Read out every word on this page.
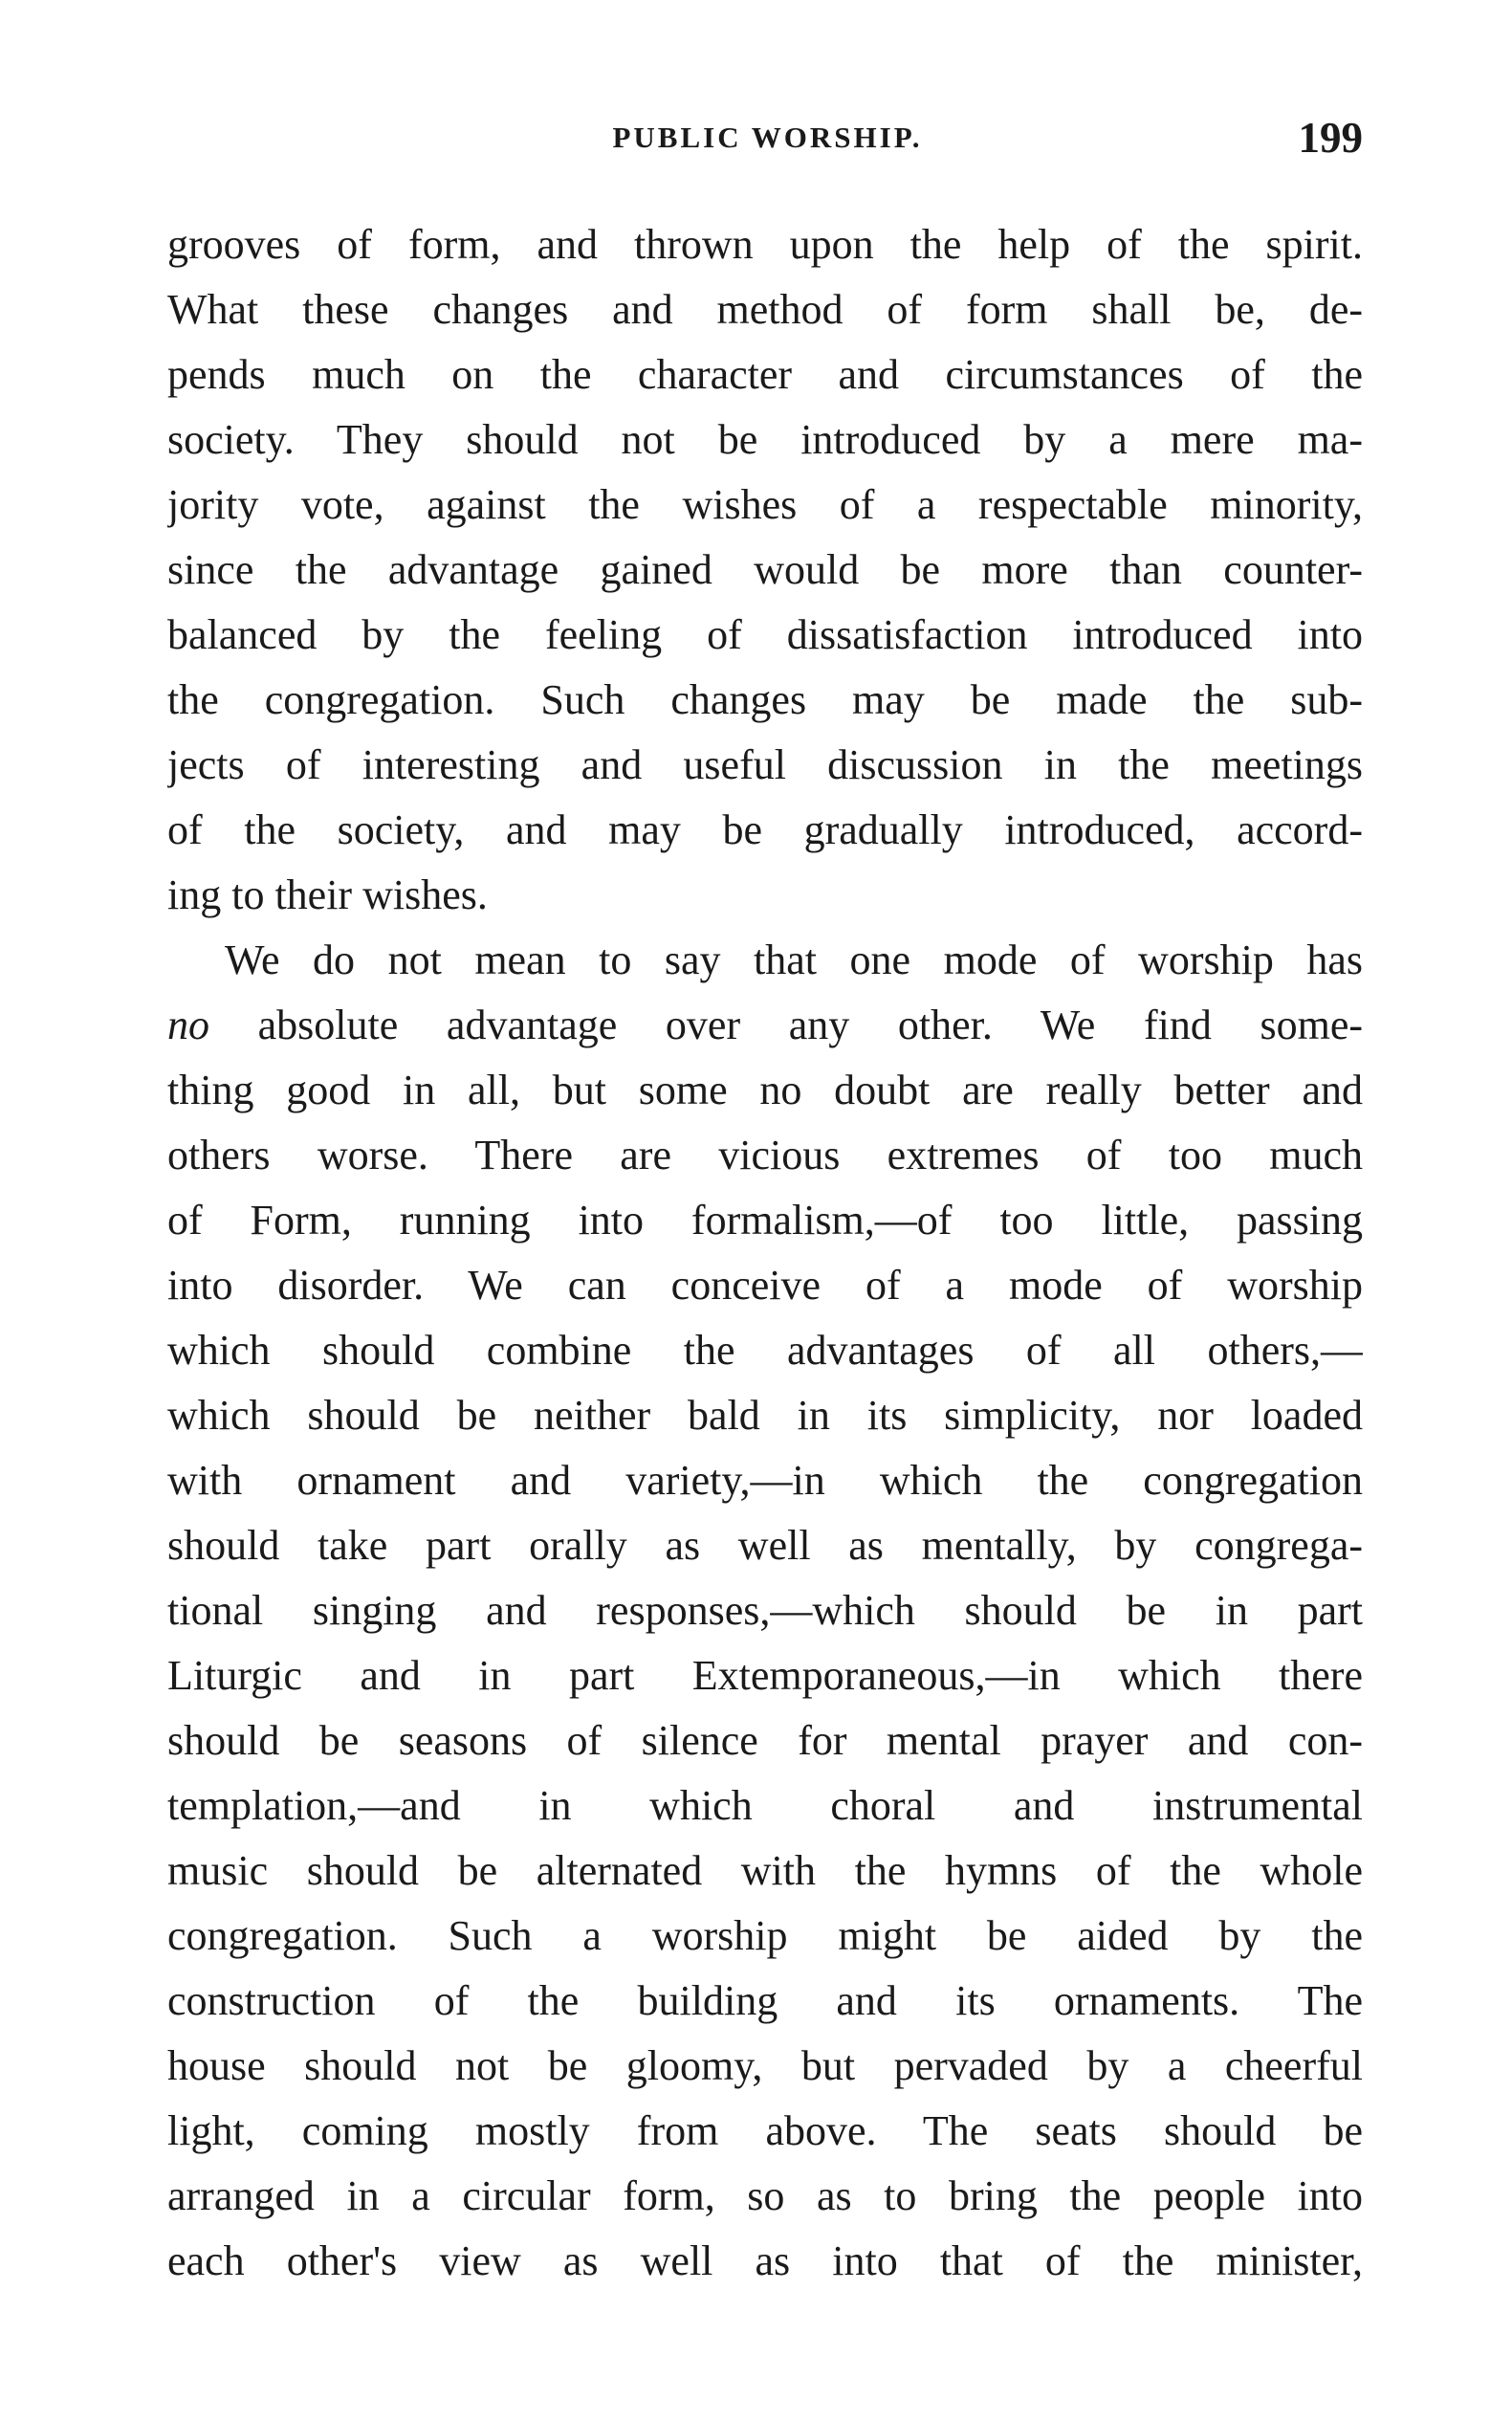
PUBLIC WORSHIP.	199
grooves of form, and thrown upon the help of the spirit.
What these changes and method of form shall be, de-
pends much on the character and circumstances of the
society. They should not be introduced by a mere ma-
jority vote, against the wishes of a respectable minority,
since the advantage gained would be more than counter-
balanced by the feeling of dissatisfaction introduced into
the congregation. Such changes may be made the sub-
jects of interesting and useful discussion in the meetings
of the society, and may be gradually introduced, accord-
ing to their wishes.
We do not mean to say that one mode of worship has
no absolute advantage over any other. We find some-
thing good in all, but some no doubt are really better and
others worse. There are vicious extremes of too much
of Form, running into formalism,—of too little, passing
into disorder. We can conceive of a mode of worship
which should combine the advantages of all others,—
which should be neither bald in its simplicity, nor loaded
with ornament and variety,—in which the congregation
should take part orally as well as mentally, by congrega-
tional singing and responses,—which should be in part
Liturgic and in part Extemporaneous,—in which there
should be seasons of silence for mental prayer and con-
templation,—and in which choral and instrumental
music should be alternated with the hymns of the whole
congregation. Such a worship might be aided by the
construction of the building and its ornaments. The
house should not be gloomy, but pervaded by a cheerful
light, coming mostly from above. The seats should be
arranged in a circular form, so as to bring the people into
each other's view as well as into that of the minister,
